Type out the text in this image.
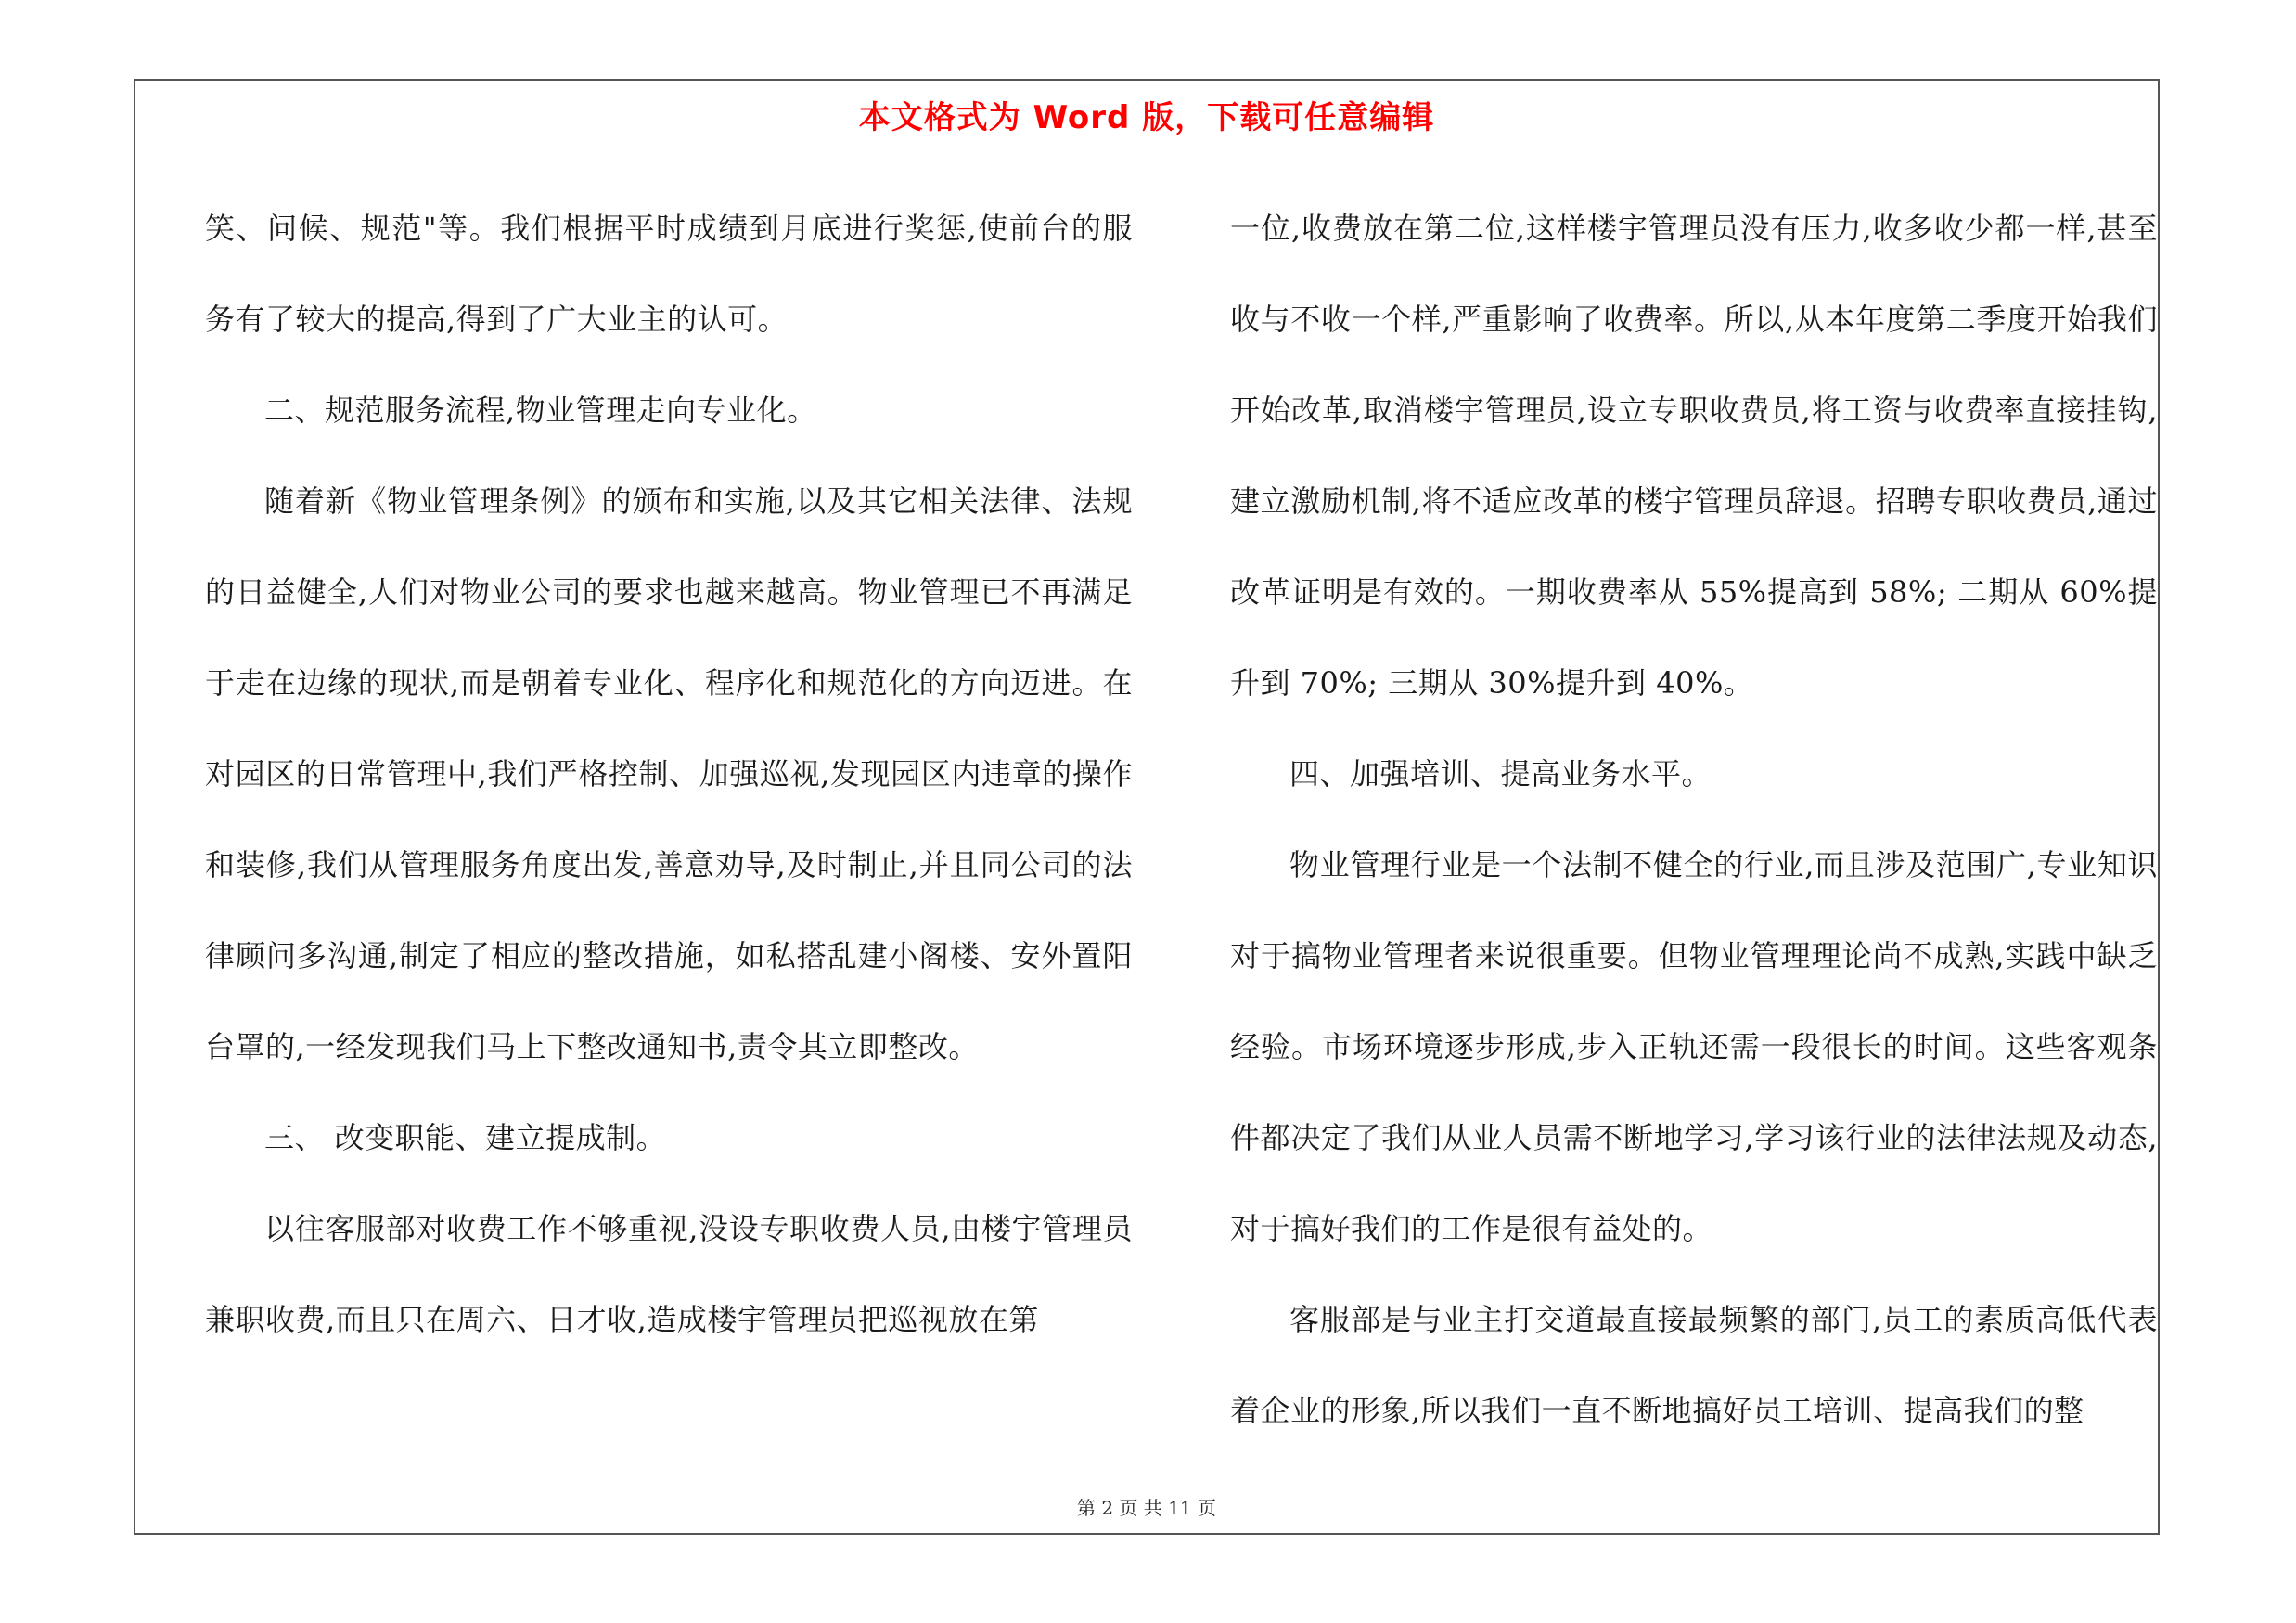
本文格式为 Word 版，下载可任意编辑

笑、问候、规范"等。我们根据平时成绩到月底进行奖惩,使前台的服务有了较大的提高,得到了广大业主的认可。

二、规范服务流程,物业管理走向专业化。

随着新《物业管理条例》的颁布和实施,以及其它相关法律、法规的日益健全,人们对物业公司的要求也越来越高。物业管理已不再满足于走在边缘的现状,而是朝着专业化、程序化和规范化的方向迈进。在对园区的日常管理中,我们严格控制、加强巡视,发现园区内违章的操作和装修,我们从管理服务角度出发,善意劝导,及时制止,并且同公司的法律顾问多沟通,制定了相应的整改措施，如私搭乱建小阁楼、安外置阳台罩的,一经发现我们马上下整改通知书,责令其立即整改。

三、 改变职能、建立提成制。

以往客服部对收费工作不够重视,没设专职收费人员,由楼宇管理员兼职收费,而且只在周六、日才收,造成楼宇管理员把巡视放在第

一位,收费放在第二位,这样楼宇管理员没有压力,收多收少都一样,甚至收与不收一个样,严重影响了收费率。所以,从本年度第二季度开始我们开始改革,取消楼宇管理员,设立专职收费员,将工资与收费率直接挂钩,建立激励机制,将不适应改革的楼宇管理员辞退。招聘专职收费员,通过改革证明是有效的。一期收费率从 55%提高到 58%; 二期从 60%提升到 70%; 三期从 30%提升到 40%。

四、加强培训、提高业务水平。

物业管理行业是一个法制不健全的行业,而且涉及范围广,专业知识对于搞物业管理者来说很重要。但物业管理理论尚不成熟,实践中缺乏经验。市场环境逐步形成,步入正轨还需一段很长的时间。这些客观条件都决定了我们从业人员需不断地学习,学习该行业的法律法规及动态,对于搞好我们的工作是很有益处的。

客服部是与业主打交道最直接最频繁的部门,员工的素质高低代表着企业的形象,所以我们一直不断地搞好员工培训、提高我们的整

第 2 页 共 11 页
